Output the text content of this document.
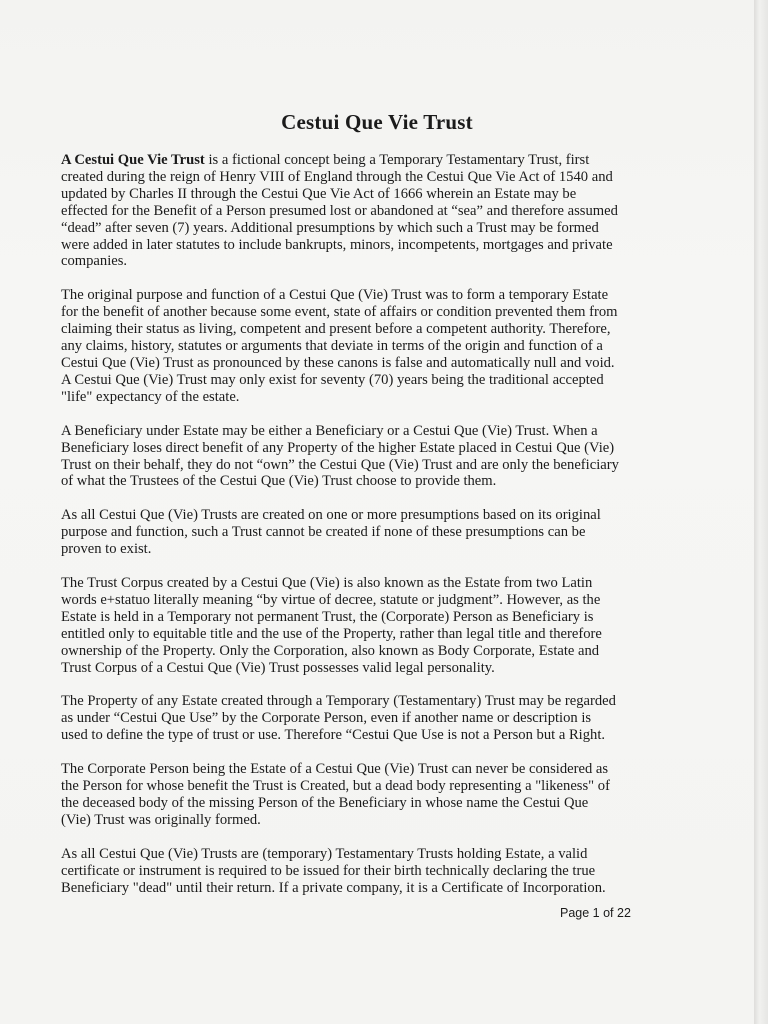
Cestui Que Vie Trust

A Cestui Que Vie Trust is a fictional concept being a Temporary Testamentary Trust, first created during the reign of Henry VIII of England through the Cestui Que Vie Act of 1540 and updated by Charles II through the Cestui Que Vie Act of 1666 wherein an Estate may be effected for the Benefit of a Person presumed lost or abandoned at “sea” and therefore assumed “dead” after seven (7) years. Additional presumptions by which such a Trust may be formed were added in later statutes to include bankrupts, minors, incompetents, mortgages and private companies.

The original purpose and function of a Cestui Que (Vie) Trust was to form a temporary Estate for the benefit of another because some event, state of affairs or condition prevented them from claiming their status as living, competent and present before a competent authority. Therefore, any claims, history, statutes or arguments that deviate in terms of the origin and function of a Cestui Que (Vie) Trust as pronounced by these canons is false and automatically null and void. A Cestui Que (Vie) Trust may only exist for seventy (70) years being the traditional accepted "life" expectancy of the estate.

A Beneficiary under Estate may be either a Beneficiary or a Cestui Que (Vie) Trust. When a Beneficiary loses direct benefit of any Property of the higher Estate placed in Cestui Que (Vie) Trust on their behalf, they do not “own” the Cestui Que (Vie) Trust and are only the beneficiary of what the Trustees of the Cestui Que (Vie) Trust choose to provide them.

As all Cestui Que (Vie) Trusts are created on one or more presumptions based on its original purpose and function, such a Trust cannot be created if none of these presumptions can be proven to exist.

The Trust Corpus created by a Cestui Que (Vie) is also known as the Estate from two Latin words e+statuo literally meaning “by virtue of decree, statute or judgment”. However, as the Estate is held in a Temporary not permanent Trust, the (Corporate) Person as Beneficiary is entitled only to equitable title and the use of the Property, rather than legal title and therefore ownership of the Property. Only the Corporation, also known as Body Corporate, Estate and Trust Corpus of a Cestui Que (Vie) Trust possesses valid legal personality.

The Property of any Estate created through a Temporary (Testamentary) Trust may be regarded as under “Cestui Que Use” by the Corporate Person, even if another name or description is used to define the type of trust or use. Therefore “Cestui Que Use is not a Person but a Right.

The Corporate Person being the Estate of a Cestui Que (Vie) Trust can never be considered as the Person for whose benefit the Trust is Created, but a dead body representing a "likeness" of the deceased body of the missing Person of the Beneficiary in whose name the Cestui Que (Vie) Trust was originally formed.

As all Cestui Que (Vie) Trusts are (temporary) Testamentary Trusts holding Estate, a valid certificate or instrument is required to be issued for their birth technically declaring the true Beneficiary "dead" until their return. If a private company, it is a Certificate of Incorporation.

Page 1 of 22
